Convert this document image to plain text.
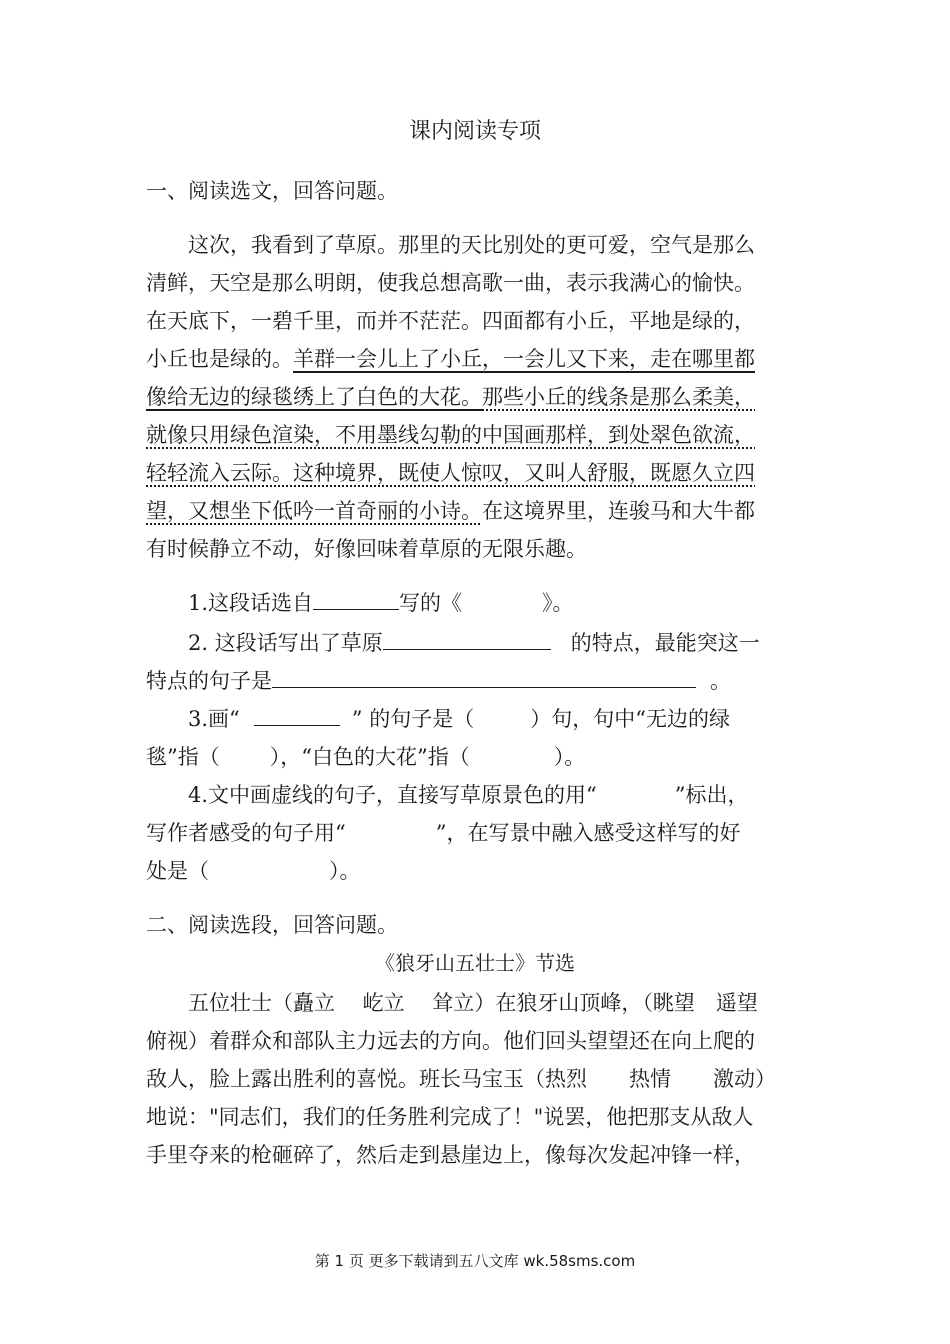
课内阅读专项
一、阅读选文，回答问题。
这次，我看到了草原。那里的天比别处的更可爱，空气是那么
清鲜，天空是那么明朗，使我总想高歌一曲，表示我满心的愉快。
在天底下，一碧千里，而并不茫茫。四面都有小丘，平地是绿的，
小丘也是绿的。羊群一会儿上了小丘，一会儿又下来，走在哪里都
像给无边的绿毯绣上了白色的大花。那些小丘的线条是那么柔美，
就像只用绿色渲染，不用墨线勾勒的中国画那样，到处翠色欲流，
轻轻流入云际。这种境界，既使人惊叹，又叫人舒服，既愿久立四
望，又想坐下低吟一首奇丽的小诗。在这境界里，连骏马和大牛都
有时候静立不动，好像回味着草原的无限乐趣。
1.这段话选自	写的《	》。
2. 这段话写出了草原	的特点，最能突这一
特点的句子是	。
3.画“	” 的句子是（	）句，句中“无边的绿
毯”指（ ），“白色的大花”指（	）。
4.文中画虚线的句子，直接写草原景色的用“	”标出，
写作者感受的句子用“	”，在写景中融入感受这样写的好
处是（	）。
二、阅读选段，回答问题。
《狼牙山五壮士》节选
五位壮士（矗立　 屹立　 耸立）在狼牙山顶峰，（眺望　遥望
俯视）着群众和部队主力远去的方向。他们回头望望还在向上爬的
敌人，脸上露出胜利的喜悦。班长马宝玉（热烈　　热情　　激动）
地说："同志们，我们的任务胜利完成了！"说罢，他把那支从敌人
手里夺来的枪砸碎了，然后走到悬崖边上，像每次发起冲锋一样，
第 1 页 更多下载请到五八文库 wk.58sms.com
